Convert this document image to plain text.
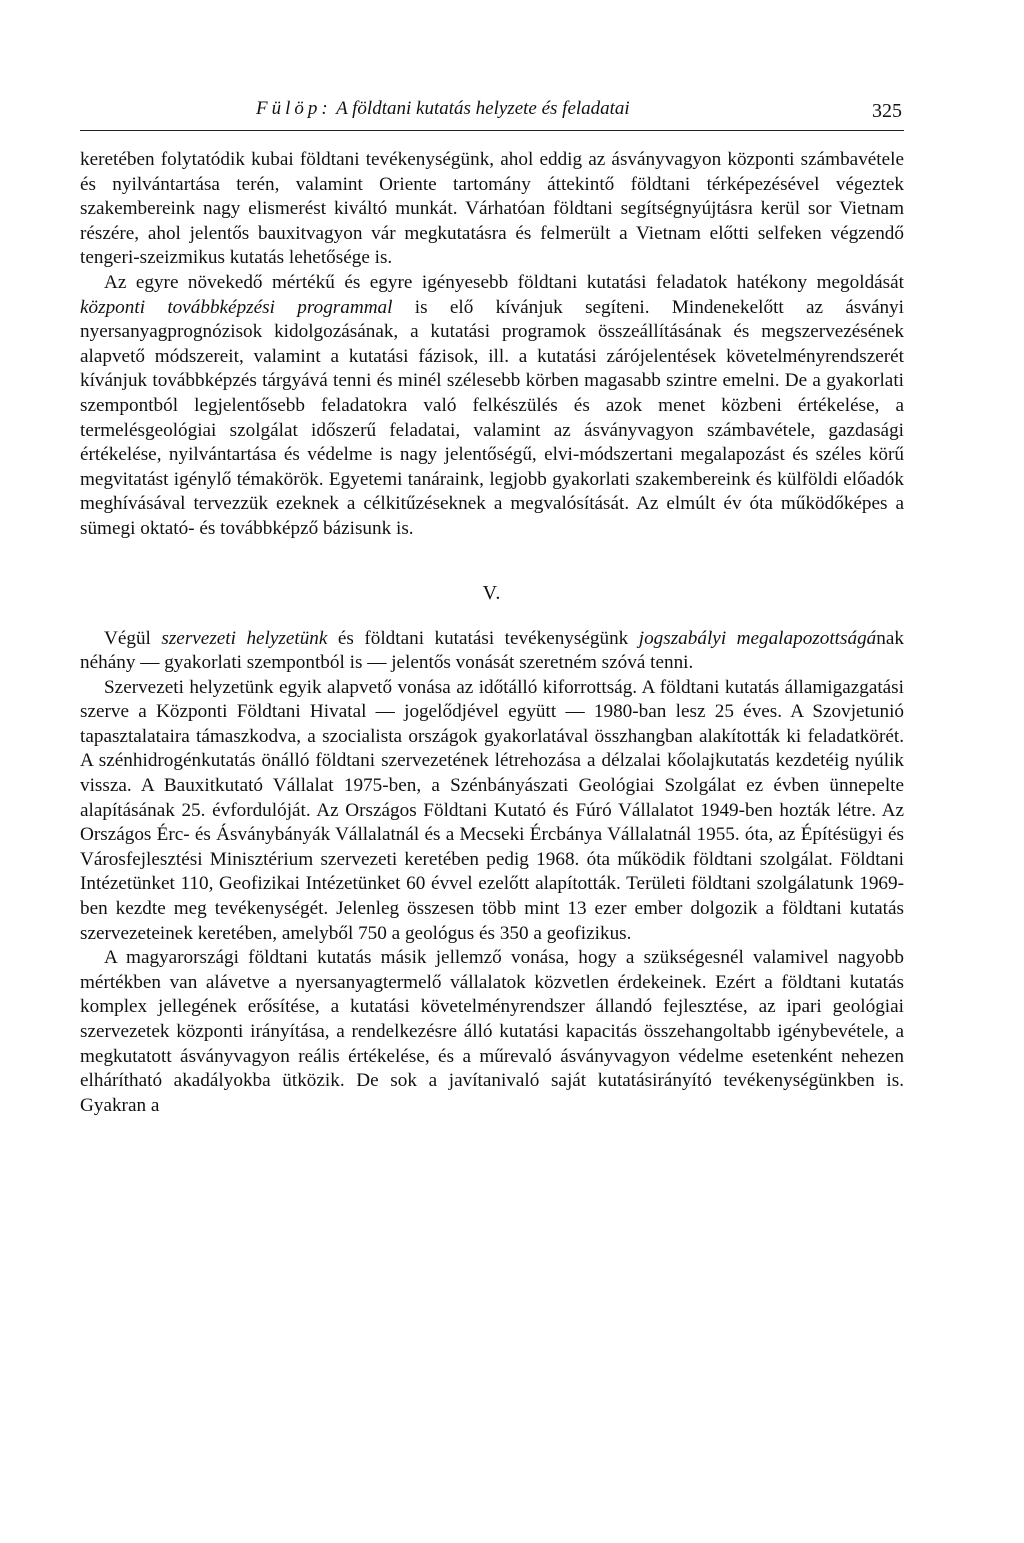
Fülöp: A földtani kutatás helyzete és feladatai	325

keretében folytatódik kubai földtani tevékenységünk, ahol eddig az ásványvagyon központi számbavétele és nyilvántartása terén, valamint Oriente tartomány áttekintő földtani térképezésével végeztek szakembereink nagy elismerést kiváltó munkát. Várhatóan földtani segítségnyújtásra kerül sor Vietnam részére, ahol jelentős bauxitvagyon vár megkutatásra és felmerült a Vietnam előtti selfeken végzendő tengeri-szeizmikus kutatás lehetősége is.

Az egyre növekedő mértékű és egyre igényesebb földtani kutatási feladatok hatékony megoldását központi továbbképzési programmal is elő kívánjuk segíteni. Mindenekelőtt az ásványi nyersanyagprognózisok kidolgozásának, a kutatási programok összeállításának és megszervezésének alapvető módszereit, valamint a kutatási fázisok, ill. a kutatási zárójelentések követelményrendszerét kívánjuk továbbképzés tárgyává tenni és minél szélesebb körben magasabb szintre emelni. De a gyakorlati szempontból legjelentősebb feladatokra való felkészülés és azok menet közbeni értékelése, a termelésgeológiai szolgálat időszerű feladatai, valamint az ásványvagyon számbavétele, gazdasági értékelése, nyilvántartása és védelme is nagy jelentőségű, elvi-módszertani megalapozást és széles körű megvitatást igénylő témakörök. Egyetemi tanáraink, legjobb gyakorlati szakembereink és külföldi előadók meghívásával tervezzük ezeknek a célkitűzéseknek a megvalósítását. Az elmúlt év óta működőképes a sümegi oktató- és továbbképző bázisunk is.

V.

Végül szervezeti helyzetünk és földtani kutatási tevékenységünk jogszabályi megalapozottságának néhány — gyakorlati szempontból is — jelentős vonását szeretném szóvá tenni.

Szervezeti helyzetünk egyik alapvető vonása az időtálló kiforrottság. A földtani kutatás államigazgatási szerve a Központi Földtani Hivatal — jogelődjével együtt — 1980-ban lesz 25 éves. A Szovjetunió tapasztalataira támaszkodva, a szocialista országok gyakorlatával összhangban alakították ki feladatkörét. A szénhidrogénkutatás önálló földtani szervezetének létrehozása a délzalai kőolajkutatás kezdetéig nyúlik vissza. A Bauxitkutató Vállalat 1975-ben, a Szénbányászati Geológiai Szolgálat ez évben ünnepelte alapításának 25. évfordulóját. Az Országos Földtani Kutató és Fúró Vállalatot 1949-ben hozták létre. Az Országos Érc- és Ásványbányák Vállalatnál és a Mecseki Ércbánya Vállalatnál 1955. óta, az Építésügyi és Városfejlesztési Minisztérium szervezeti keretében pedig 1968. óta működik földtani szolgálat. Földtani Intézetünket 110, Geofizikai Intézetünket 60 évvel ezelőtt alapították. Területi földtani szolgálatunk 1969-ben kezdte meg tevékenységét. Jelenleg összesen több mint 13 ezer ember dolgozik a földtani kutatás szervezeteinek keretében, amelyből 750 a geológus és 350 a geofizikus.

A magyarországi földtani kutatás másik jellemző vonása, hogy a szükségesnél valamivel nagyobb mértékben van alávetve a nyersanyagtermelő vállalatok közvetlen érdekeinek. Ezért a földtani kutatás komplex jellegének erősítése, a kutatási követelményrendszer állandó fejlesztése, az ipari geológiai szervezetek központi irányítása, a rendelkezésre álló kutatási kapacitás összehangoltabb igénybevétele, a megkutatott ásványvagyon reális értékelése, és a műrevaló ásványvagyon védelme esetenként nehezen elhárítható akadályokba ütközik. De sok a javítanivaló saját kutatásirányító tevékenységünkben is. Gyakran a
